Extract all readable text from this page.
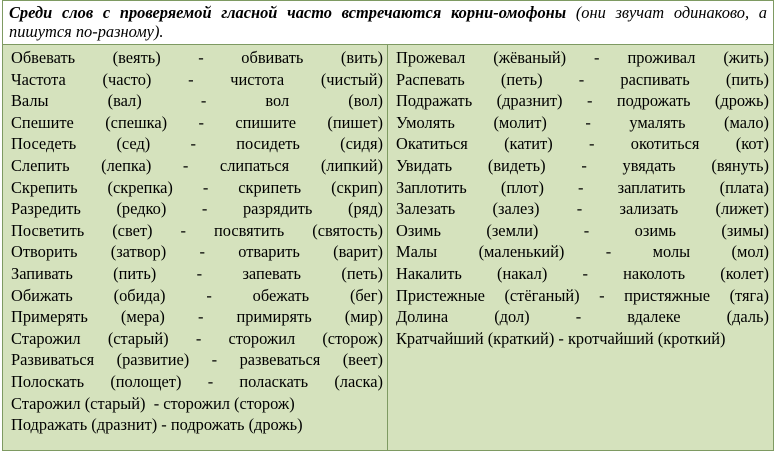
Среди слов с проверяемой гласной часто встречаются корни-омофоны (они звучат одинаково, а пишутся по-разному).
Обвевать (веять) - обвивать (вить)
Частота (часто) - чистота (чистый)
Валы	(вал)	-	вол	(вол)
Спешите (спешка) - спишите (пишет)
Поседеть (сед) - посидеть (сидя)
Слепить (лепка) - слипаться (липкий)
Скрепить (скрепка) - скрипеть (скрип)
Разредить (редко) - разрядить (ряд)
Посветить (свет) - посвятить (святость)
Отворить (затвор) - отварить (варит)
Запивать (пить) - запевать (петь)
Обижать (обида) - обежать (бег)
Примерять (мера) - примирять (мир)
Старожил (старый) - сторожил (сторож)
Развиваться (развитие) - развеваться (веет)
Полоскать (полощет) - поласкать (ласка)
Старожил (старый)  - сторожил (сторож)
Подражать (дразнит) - подрожать (дрожь)
Прожевал (жёваный) - проживал (жить)
Распевать (петь) - распивать (пить)
Подражать (дразнит) - подрожать (дрожь)
Умолять (молит) - умалять (мало)
Окатиться (катит) - окотиться (кот)
Увидать (видеть) - увядать (вянуть)
Заплотить (плот) - заплатить (плата)
Залезать (залез) - зализать (лижет)
Озимь	(земли)	-	озимь	(зимы)
Малы	(маленький)	-	молы	(мол)
Накалить (накал) - наколоть (колет)
Пристежные (стёганый) - пристяжные (тяга)
Долина	(дол)	-	вдалеке	(даль)
Кратчайший (краткий) - кротчайший (кроткий)
